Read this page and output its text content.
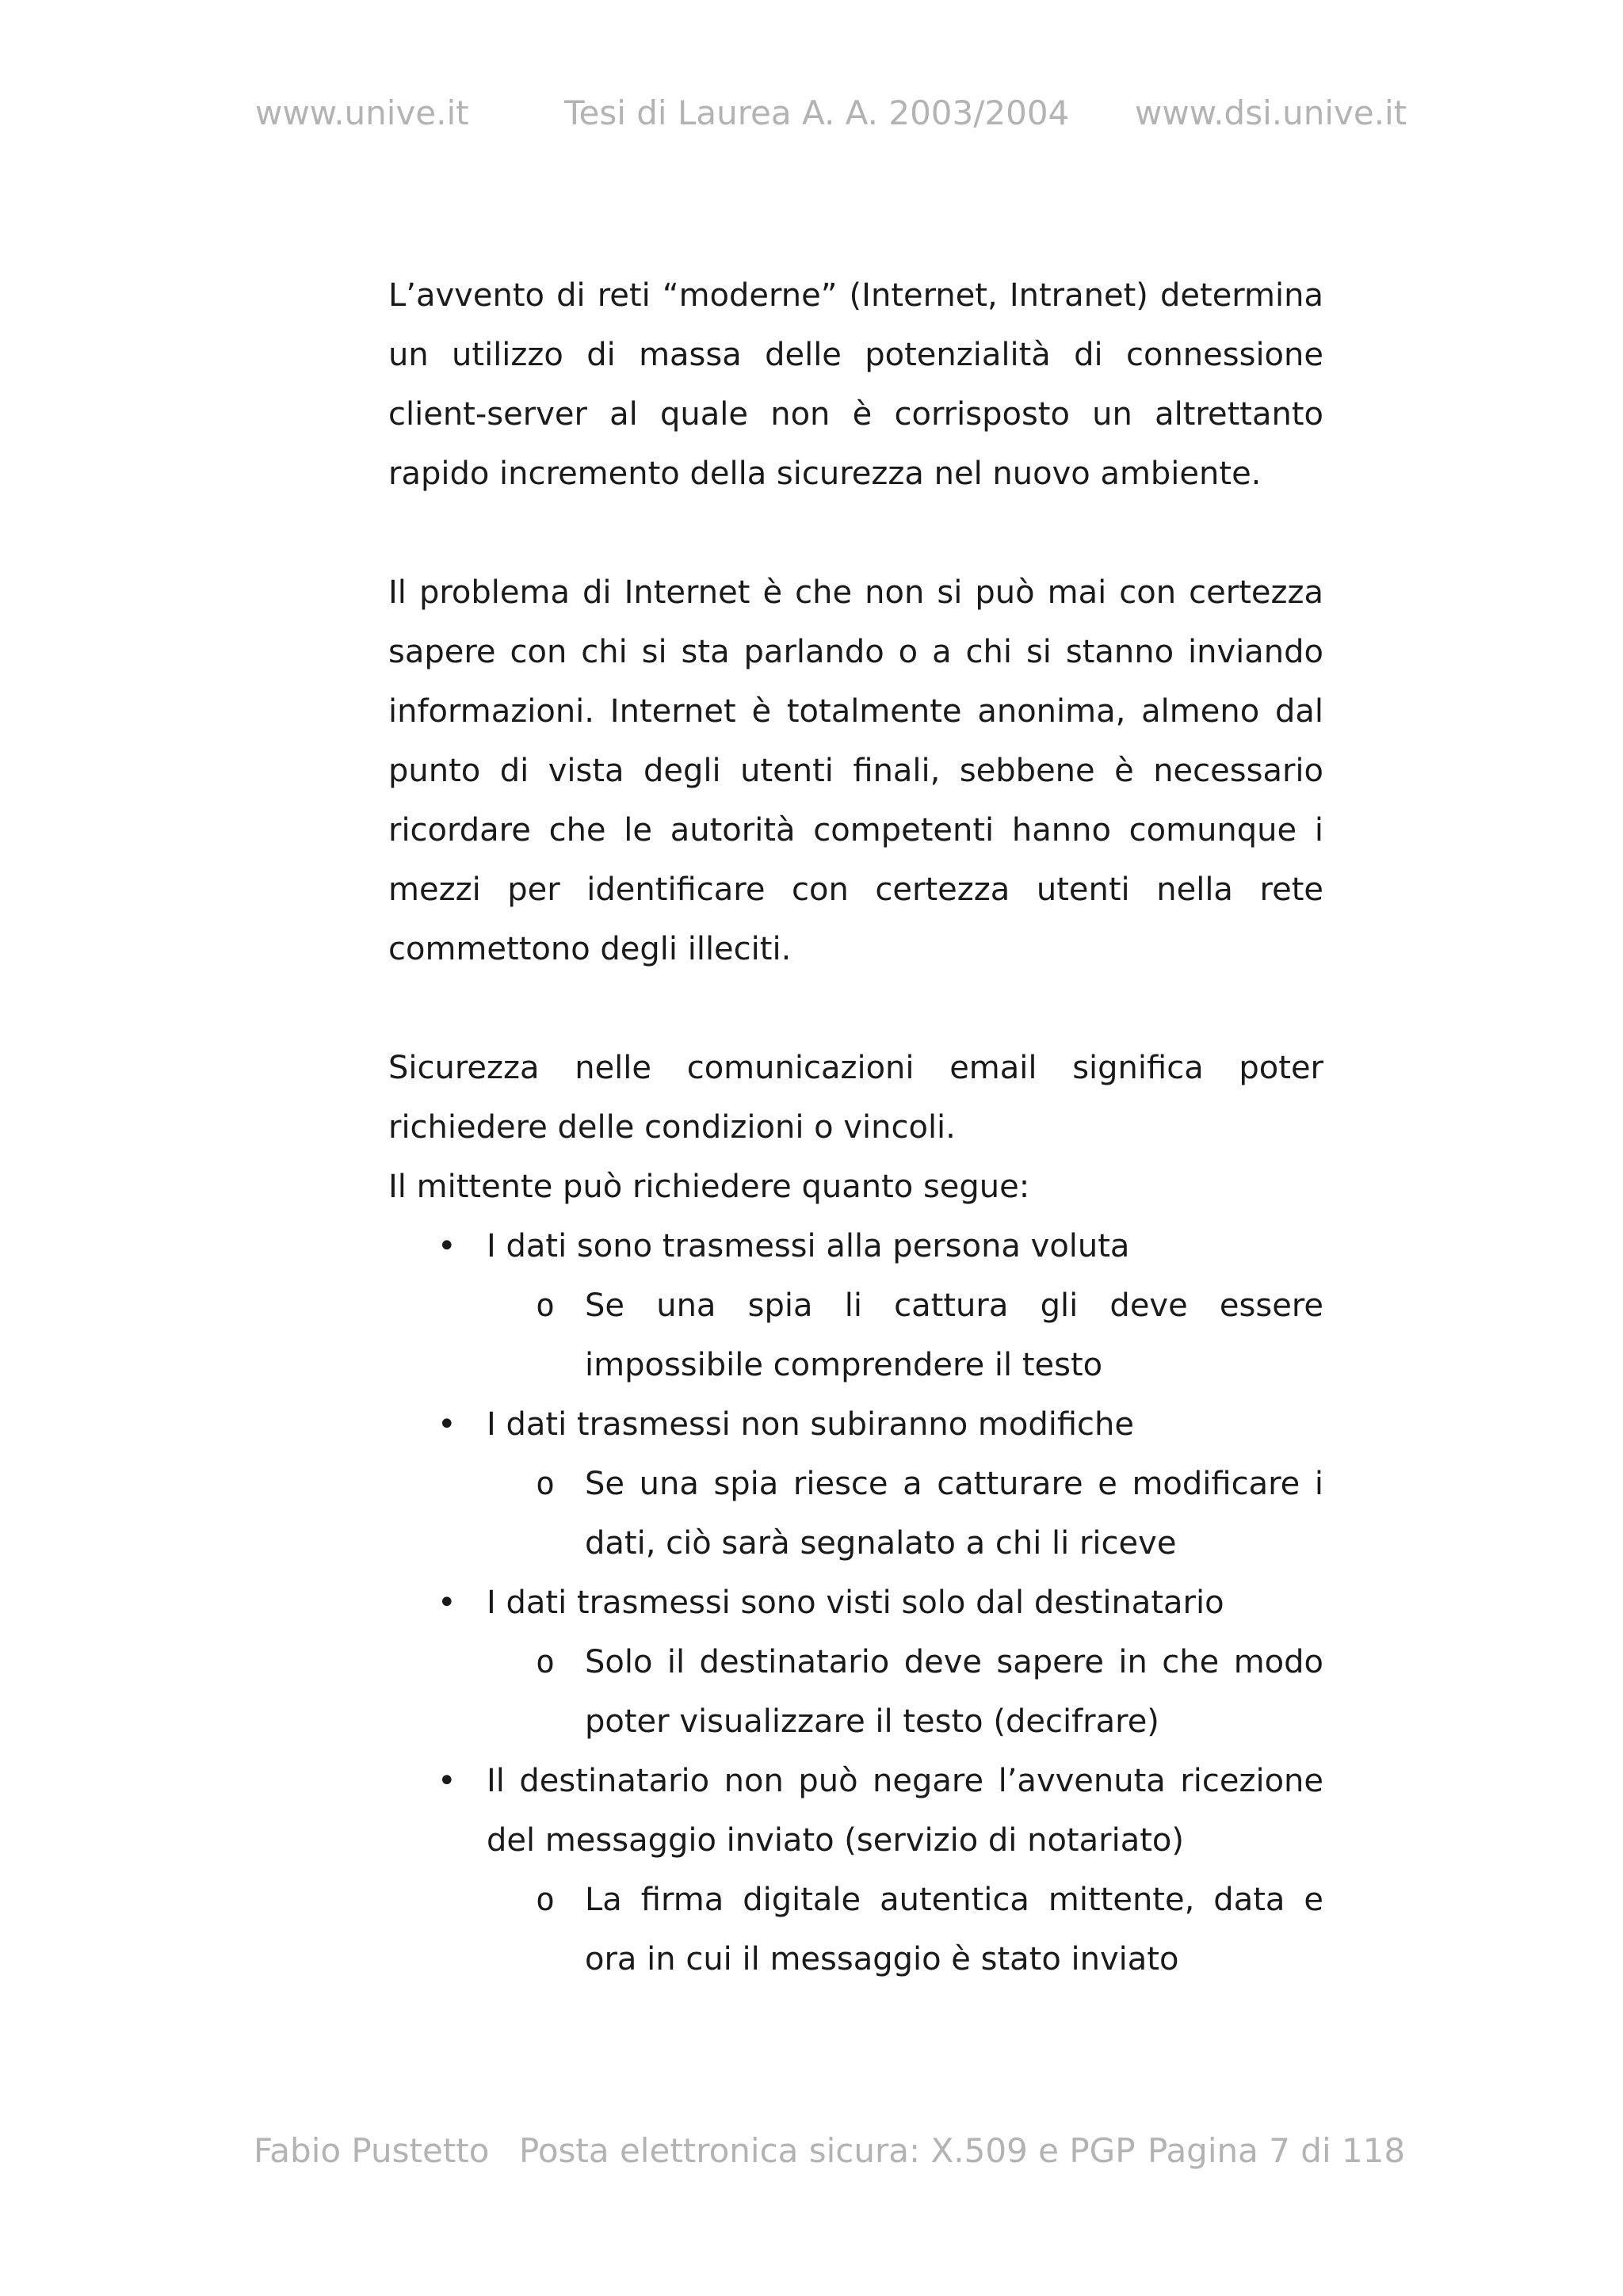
www.unive.it	Tesi di Laurea A. A. 2003/2004 www.dsi.unive.it

L’avvento di reti “moderne” (Internet, Intranet) determina un utilizzo di massa delle potenzialità di connessione client-server al quale non è corrisposto un altrettanto rapido incremento della sicurezza nel nuovo ambiente.

Il problema di Internet è che non si può mai con certezza sapere con chi si sta parlando o a chi si stanno inviando informazioni. Internet è totalmente anonima, almeno dal punto di vista degli utenti finali, sebbene è necessario ricordare che le autorità competenti hanno comunque i mezzi per identificare con certezza utenti nella rete commettono degli illeciti.

Sicurezza nelle comunicazioni email significa poter richiedere delle condizioni o vincoli.

Il mittente può richiedere quanto segue:

• I dati sono trasmessi alla persona voluta
o Se una spia li cattura gli deve essere impossibile comprendere il testo
• I dati trasmessi non subiranno modifiche
o Se una spia riesce a catturare e modificare i dati, ciò sarà segnalato a chi li riceve
• I dati trasmessi sono visti solo dal destinatario
o Solo il destinatario deve sapere in che modo poter visualizzare il testo (decifrare)
• Il destinatario non può negare l’avvenuta ricezione del messaggio inviato (servizio di notariato)
o La firma digitale autentica mittente, data e ora in cui il messaggio è stato inviato
Fabio Pustetto Posta elettronica sicura: X.509 e PGP Pagina 7 di 118
